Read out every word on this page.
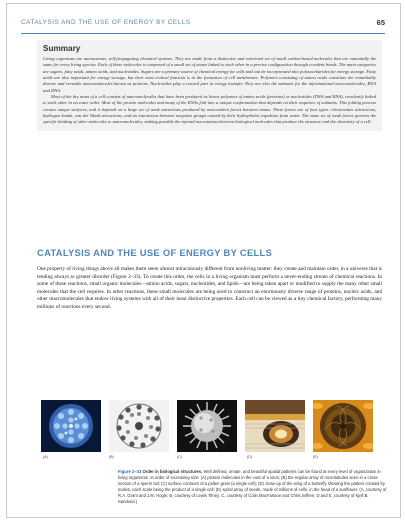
CATALYSIS AND THE USE OF ENERGY BY CELLS	65
Summary

Living organisms are autonomous, self-propagating chemical systems. They are made from a distinctive and restricted set of small carbon-based molecules that are essentially the same for every living species. Each of these molecules is composed of a small set of atoms linked to each other in a precise configuration through covalent bonds. The main categories are sugars, fatty acids, amino acids, and nucleotides. Sugars are a primary source of chemical energy for cells and can be incorporated into polysaccharides for energy storage. Fatty acids are also important for energy storage, but their most critical function is in the formation of cell membranes. Polymers consisting of amino acids constitute the remarkably diverse and versatile macromolecules known as proteins. Nucleotides play a central part in energy transfer. They are also the subunits for the informational macromolecules, RNA and DNA.

Most of the dry mass of a cell consists of macromolecules that have been produced as linear polymers of amino acids (proteins) or nucleotides (DNA and RNA), covalently linked to each other in an exact order. Most of the protein molecules and many of the RNAs fold into a unique conformation that depends on their sequence of subunits. This folding process creates unique surfaces, and it depends on a large set of weak attractions produced by noncovalent forces between atoms. These forces are of four types: electrostatic attractions, hydrogen bonds, van der Waals attractions, and an interaction between nonpolar groups caused by their hydrophobic expulsion from water. The same set of weak forces governs the specific binding of other molecules to macromolecules, making possible the myriad associations between biological molecules that produce the structure and the chemistry of a cell.

CATALYSIS AND THE USE OF ENERGY BY CELLS

One property of living things above all makes them seem almost miraculously different from nonliving matter: they create and maintain order, in a universe that is tending always to greater disorder (Figure 2–33). To create this order, the cells in a living organism must perform a never-ending stream of chemical reactions. In some of these reactions, small organic molecules—amino acids, sugars, nucleotides, and lipids—are being taken apart or modified to supply the many other small molecules that the cell requires. In other reactions, these small molecules are being used to construct an enormously diverse range of proteins, nucleic acids, and other macromolecules that endow living systems with all of their most distinctive properties. Each cell can be viewed as a tiny chemical factory, performing many millions of reactions every second.

(A)	(B)	(C)	(D)	(E)

Figure 2–33 Order in biological structures. Well defined, ornate, and beautiful spatial patterns can be found at every level of organization in living organisms. In order of increasing size: (A) protein molecules in the coat of a virus; (B) the regular array of microtubules seen in a cross section of a sperm tail; (C) surface contours of a pollen grain (a single cell); (D) close-up of the wing of a butterfly showing the pattern created by scales, each scale being the product of a single cell; (E) spiral array of seeds, made of millions of cells, in the head of a sunflower. (A, courtesy of R.A. Grant and J.M. Hogle; B, courtesy of Lewis Tilney; C, courtesy of Colin MacFarlane and Chris Jeffree; D and E, courtesy of Kjell B. Sandved.)
